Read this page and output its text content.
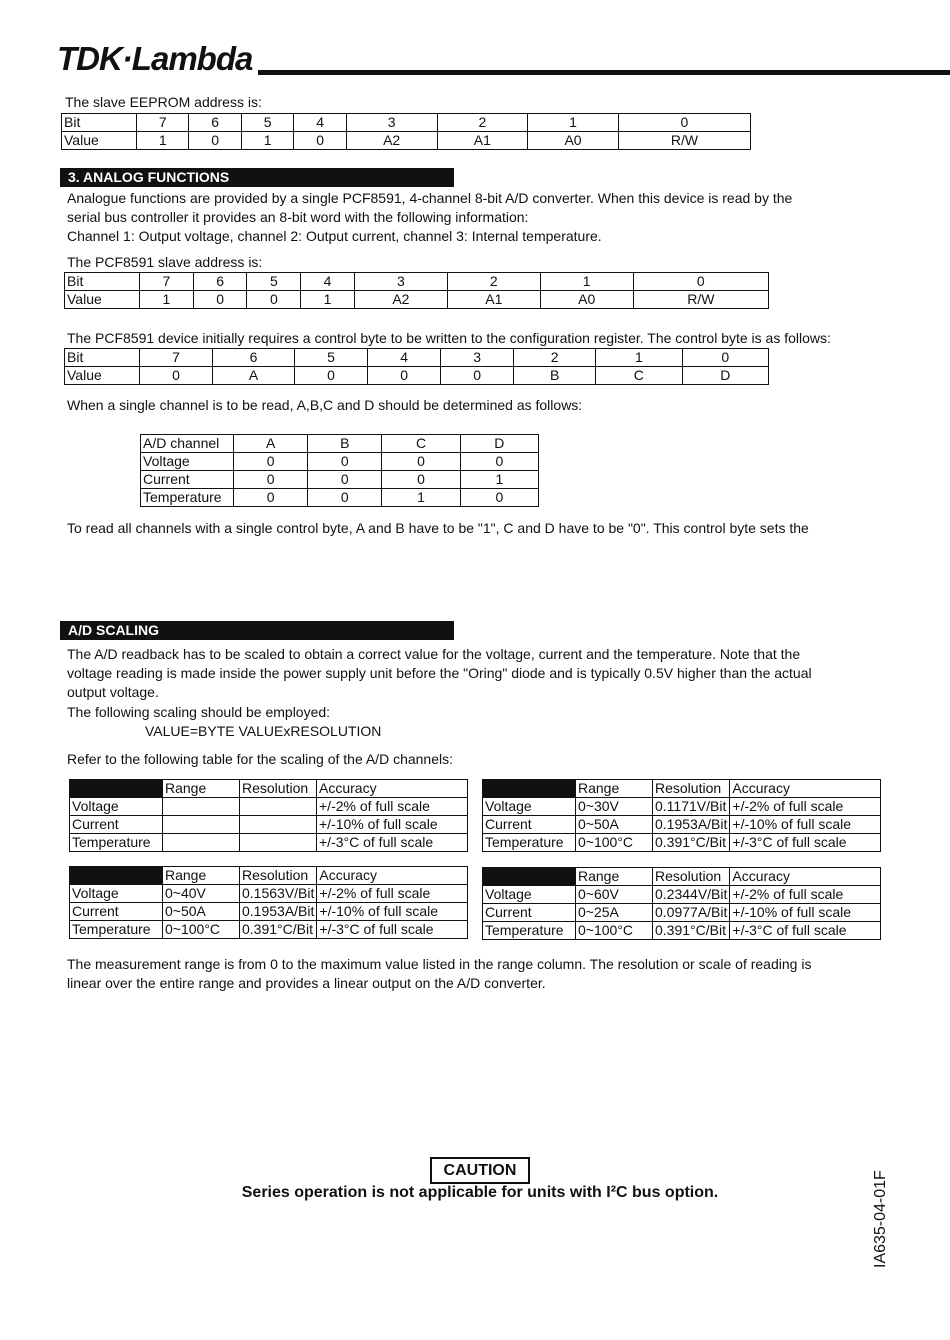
TDK·Lambda
The slave EEPROM address is:
Bit	7	6	5	4	3	2	1	0
Value	1	0	1	0	A2	A1	A0	R/W
3. ANALOG FUNCTIONS
Analogue functions are provided by a single PCF8591, 4-channel 8-bit A/D converter. When this device is read by the
serial bus controller it provides an 8-bit word with the following information:
Channel 1: Output voltage, channel 2: Output current, channel 3: Internal temperature.
The PCF8591 slave address is:
Bit	7	6	5	4	3	2	1	0
Value	1	0	0	1	A2	A1	A0	R/W
The PCF8591 device initially requires a control byte to be written to the configuration register. The control byte is as follows:
Bit	7	6	5	4	3	2	1	0
Value	0	A	0	0	0	B	C	D
When a single channel is to be read, A,B,C and D should be determined as follows:
A/D channel	A	B	C	D
Voltage	0	0	0	0
Current	0	0	0	1
Temperature	0	0	1	0
To read all channels with a single control byte, A and B have to be "1", C and D have to be "0". This control byte sets the
A/D SCALING
The A/D readback has to be scaled to obtain a correct value for the voltage, current and the temperature. Note that the
voltage reading is made inside the power supply unit before the "Oring" diode and is typically 0.5V higher than the actual
output voltage.
The following scaling should be employed:
VALUE=BYTE VALUExRESOLUTION
Refer to the following table for the scaling of the A/D channels:
	Range	Resolution	Accuracy
Voltage			+/-2% of full scale
Current			+/-10% of full scale
Temperature			+/-3°C of full scale
	Range	Resolution	Accuracy
Voltage	0~30V	0.1171V/Bit	+/-2% of full scale
Current	0~50A	0.1953A/Bit	+/-10% of full scale
Temperature	0~100°C	0.391°C/Bit	+/-3°C of full scale
	Range	Resolution	Accuracy
Voltage	0~40V	0.1563V/Bit	+/-2% of full scale
Current	0~50A	0.1953A/Bit	+/-10% of full scale
Temperature	0~100°C	0.391°C/Bit	+/-3°C of full scale
	Range	Resolution	Accuracy
Voltage	0~60V	0.2344V/Bit	+/-2% of full scale
Current	0~25A	0.0977A/Bit	+/-10% of full scale
Temperature	0~100°C	0.391°C/Bit	+/-3°C of full scale
The measurement range is from 0 to the maximum value listed in the range column. The resolution or scale of reading is
linear over the entire range and provides a linear output on the A/D converter.
CAUTION
Series operation is not applicable for units with I²C bus option.	IA635-04-01F
